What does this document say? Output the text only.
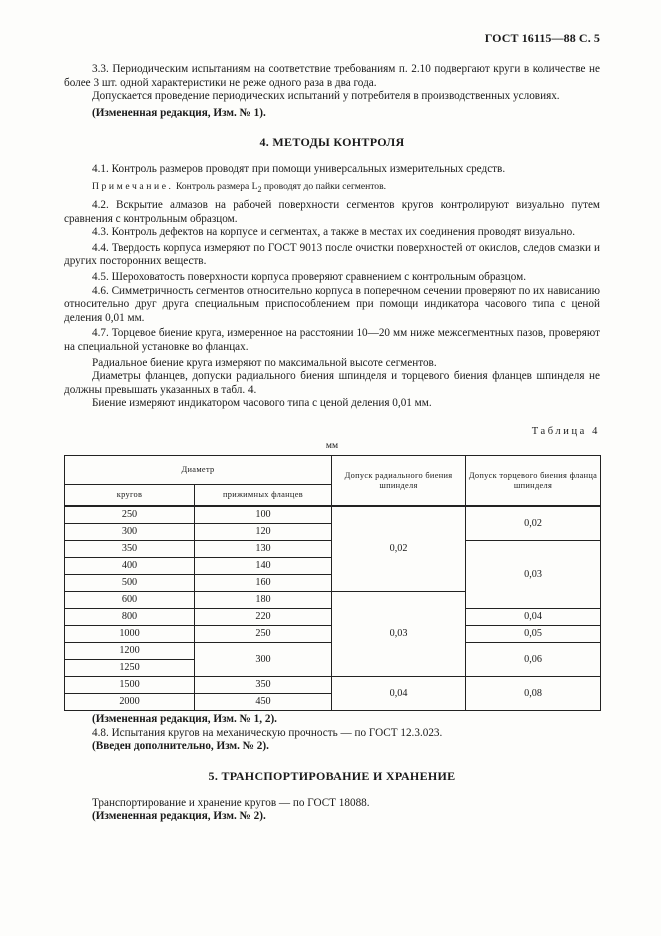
ГОСТ 16115—88 С. 5

3.3. Периодическим испытаниям на соответствие требованиям п. 2.10 подвергают круги в количестве не более 3 шт. одной характеристики не реже одного раза в два года.

Допускается проведение периодических испытаний у потребителя в производственных условиях.

(Измененная редакция, Изм. № 1).

4. МЕТОДЫ КОНТРОЛЯ

4.1. Контроль размеров проводят при помощи универсальных измерительных средств.

Примечание. Контроль размера $L_2$ проводят до пайки сегментов.

4.2. Вскрытие алмазов на рабочей поверхности сегментов кругов контролируют визуально путем сравнения с контрольным образцом.

4.3. Контроль дефектов на корпусе и сегментах, а также в местах их соединения проводят визуально.

4.4. Твердость корпуса измеряют по ГОСТ 9013 после очистки поверхностей от окислов, следов смазки и других посторонних веществ.

4.5. Шероховатость поверхности корпуса проверяют сравнением с контрольным образцом.

4.6. Симметричность сегментов относительно корпуса в поперечном сечении проверяют по их нависанию относительно друг друга специальным приспособлением при помощи индикатора часового типа с ценой деления 0,01 мм.

4.7. Торцевое биение круга, измеренное на расстоянии 10—20 мм ниже межсегментных пазов, проверяют на специальной установке во фланцах.

Радиальное биение круга измеряют по максимальной высоте сегментов.

Диаметры фланцев, допуски радиального биения шпинделя и торцевого биения фланцев шпинделя не должны превышать указанных в табл. 4.

Биение измеряют индикатором часового типа с ценой деления 0,01 мм.

Таблица 4
мм
Диаметр		Допуск радиального биения шпинделя	Допуск торцевого биения фланца шпинделя
кругов	прижимных фланцев		
250	100	0,02	0,02
300	120		
350	130		0,03
400	140		
500	160		
600	180	0,03	
800	220		0,04
1000	250		0,05
1200	300		0,06
1250			
1500	350	0,04	0,08
2000	450		

(Измененная редакция, Изм. № 1, 2).

4.8. Испытания кругов на механическую прочность — по ГОСТ 12.3.023.

(Введен дополнительно, Изм. № 2).

5. ТРАНСПОРТИРОВАНИЕ И ХРАНЕНИЕ

Транспортирование и хранение кругов — по ГОСТ 18088.

(Измененная редакция, Изм. № 2).
